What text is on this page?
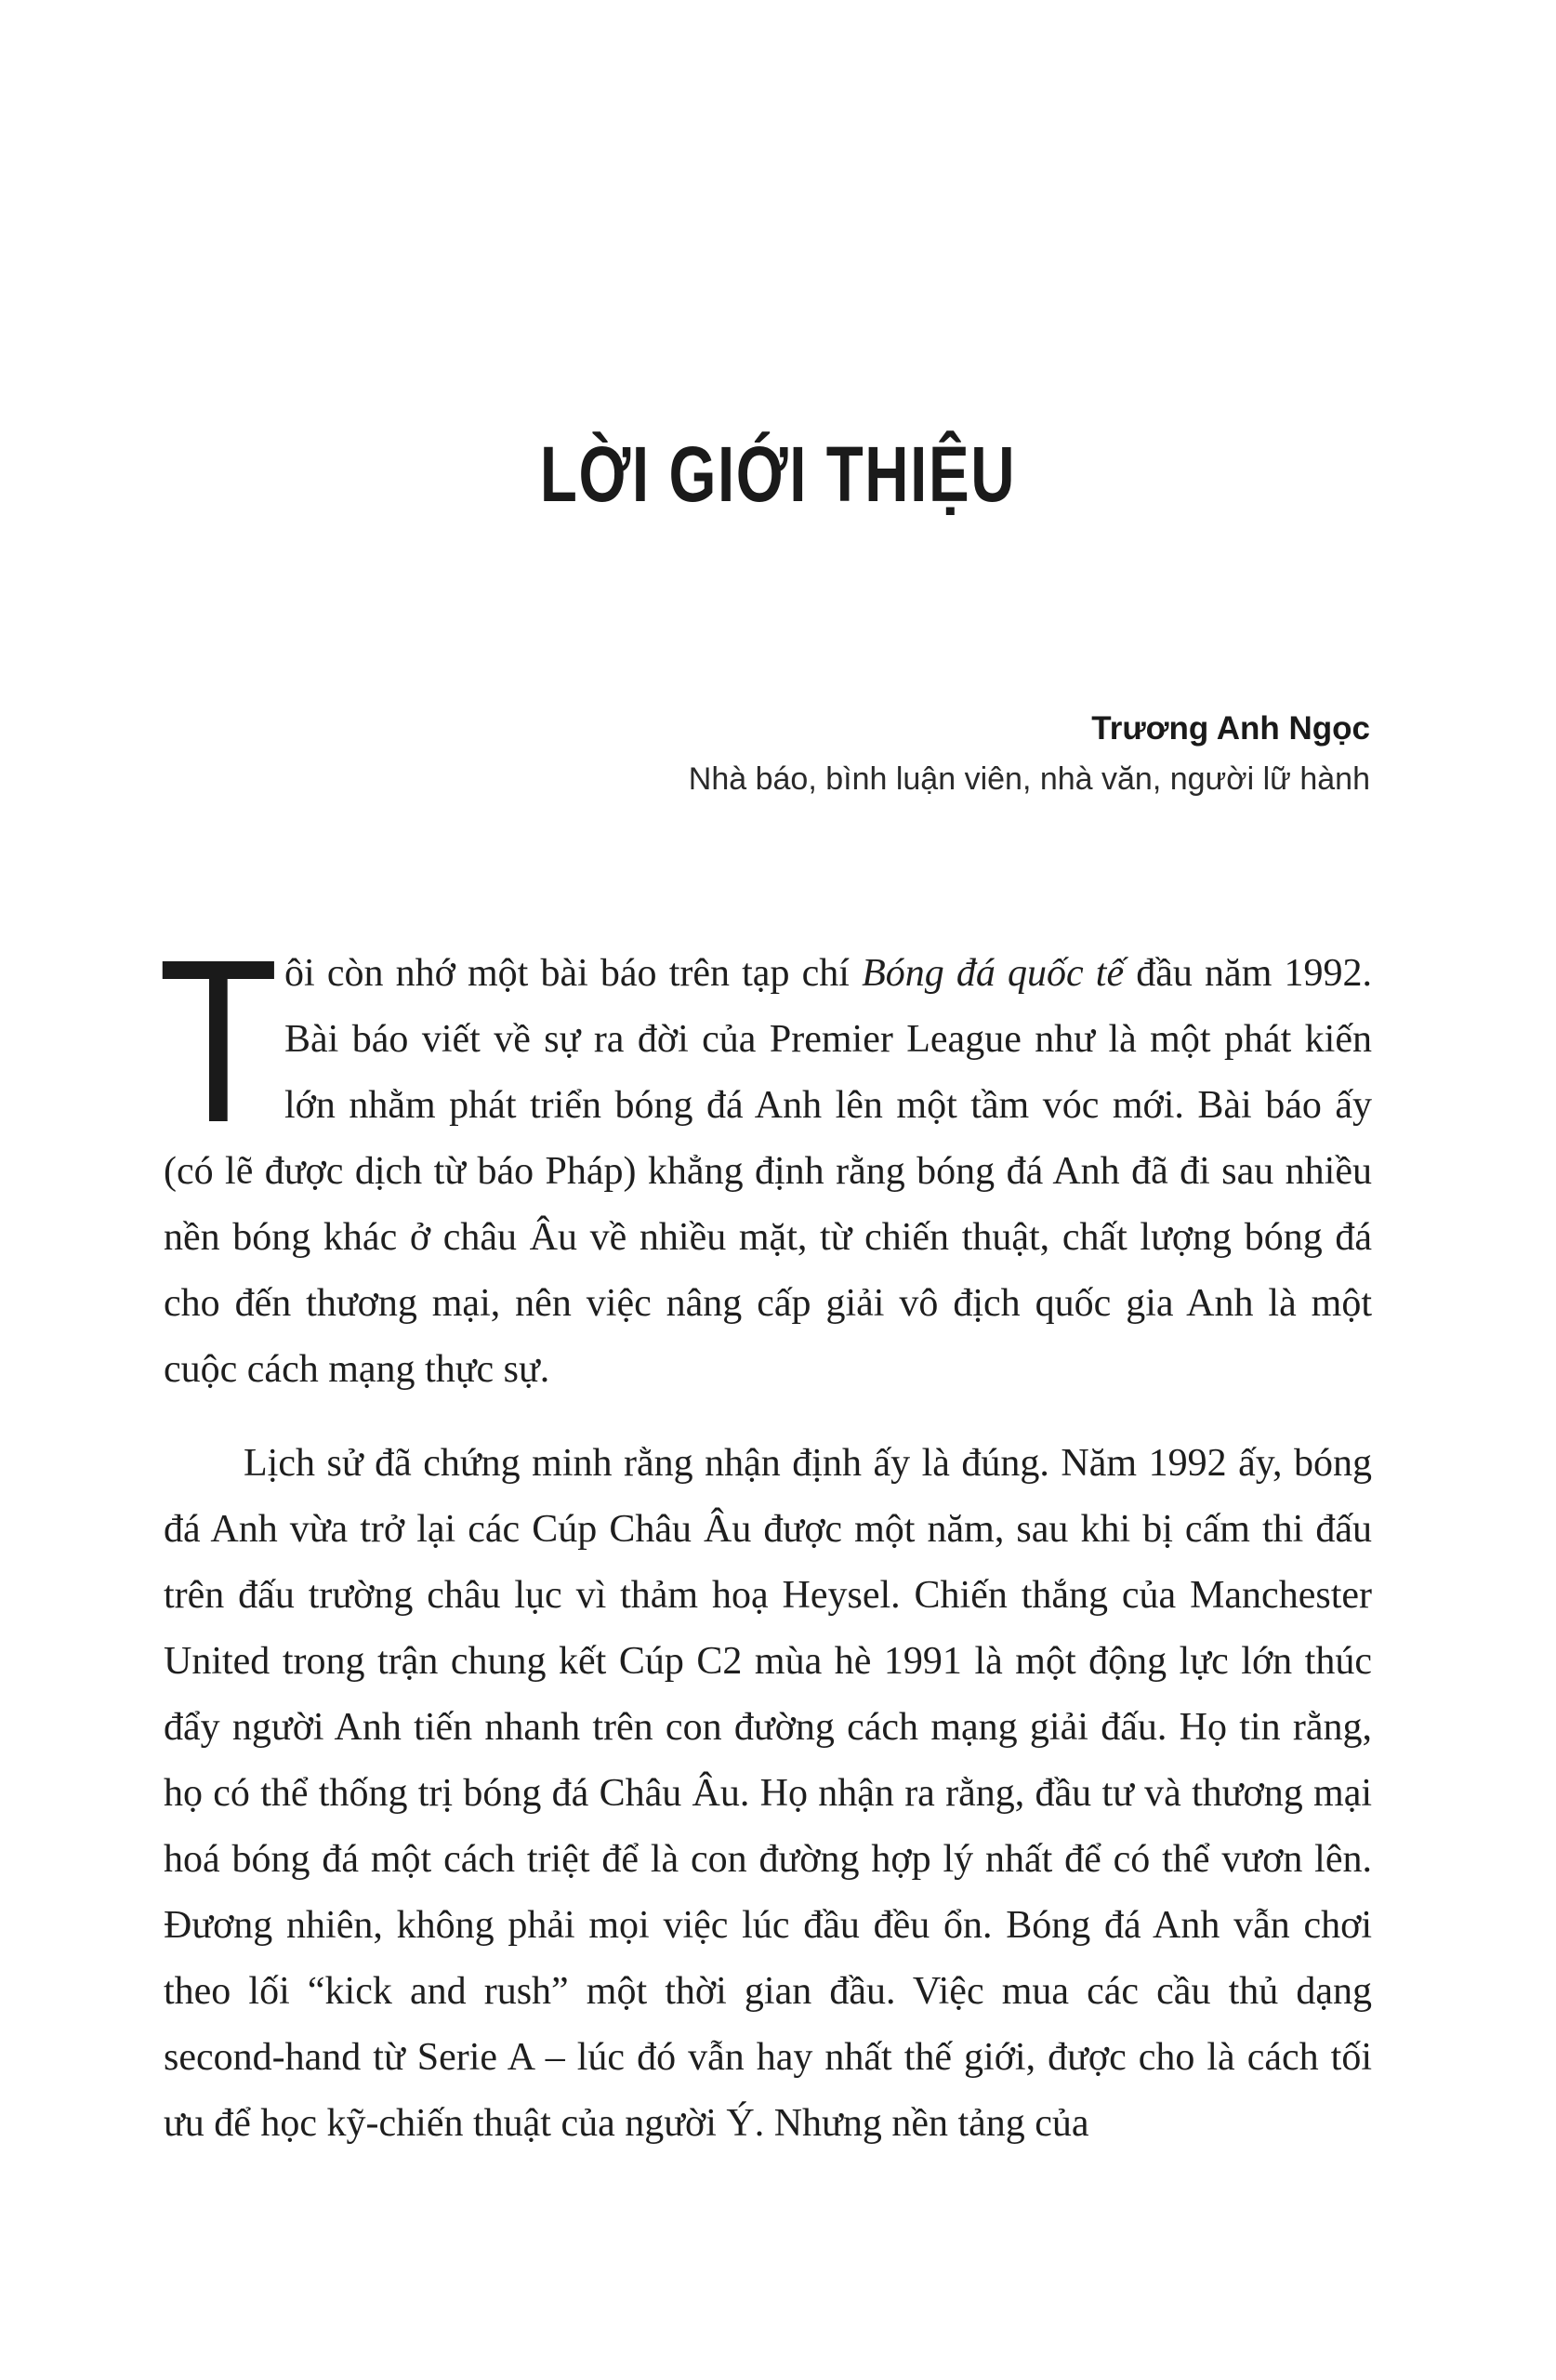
LỜI GIỚI THIỆU
Trương Anh Ngọc
Nhà báo, bình luận viên, nhà văn, người lữ hành

Tôi còn nhớ một bài báo trên tạp chí Bóng đá quốc tế đầu năm 1992. Bài báo viết về sự ra đời của Premier League như là một phát kiến lớn nhằm phát triển bóng đá Anh lên một tầm vóc mới. Bài báo ấy (có lẽ được dịch từ báo Pháp) khẳng định rằng bóng đá Anh đã đi sau nhiều nền bóng khác ở châu Âu về nhiều mặt, từ chiến thuật, chất lượng bóng đá cho đến thương mại, nên việc nâng cấp giải vô địch quốc gia Anh là một cuộc cách mạng thực sự.

Lịch sử đã chứng minh rằng nhận định ấy là đúng. Năm 1992 ấy, bóng đá Anh vừa trở lại các Cúp Châu Âu được một năm, sau khi bị cấm thi đấu trên đấu trường châu lục vì thảm hoạ Heysel. Chiến thắng của Manchester United trong trận chung kết Cúp C2 mùa hè 1991 là một động lực lớn thúc đẩy người Anh tiến nhanh trên con đường cách mạng giải đấu. Họ tin rằng, họ có thể thống trị bóng đá Châu Âu. Họ nhận ra rằng, đầu tư và thương mại hoá bóng đá một cách triệt để là con đường hợp lý nhất để có thể vươn lên. Đương nhiên, không phải mọi việc lúc đầu đều ổn. Bóng đá Anh vẫn chơi theo lối “kick and rush” một thời gian đầu. Việc mua các cầu thủ dạng second-hand từ Serie A – lúc đó vẫn hay nhất thế giới, được cho là cách tối ưu để học kỹ-chiến thuật của người Ý. Nhưng nền tảng của
